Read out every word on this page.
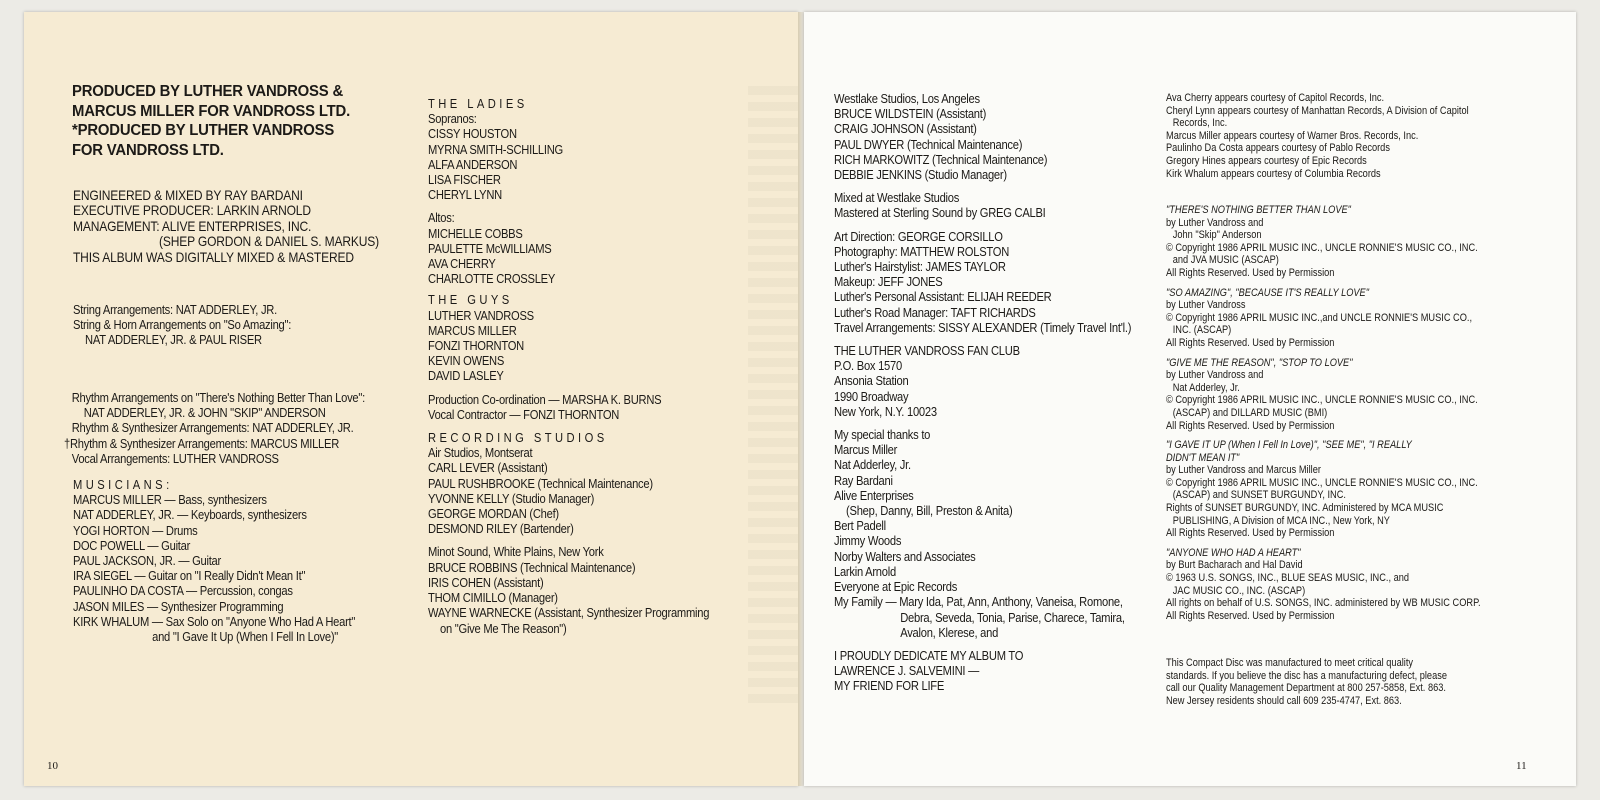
PRODUCED BY LUTHER VANDROSS &
MARCUS MILLER FOR VANDROSS LTD.
*PRODUCED BY LUTHER VANDROSS
FOR VANDROSS LTD.
ENGINEERED & MIXED BY RAY BARDANI
EXECUTIVE PRODUCER: LARKIN ARNOLD
MANAGEMENT: ALIVE ENTERPRISES, INC.
(SHEP GORDON & DANIEL S. MARKUS)
THIS ALBUM WAS DIGITALLY MIXED & MASTERED
String Arrangements: NAT ADDERLEY, JR.
String & Horn Arrangements on "So Amazing":
NAT ADDERLEY, JR. & PAUL RISER
Rhythm Arrangements on "There's Nothing Better Than Love":
NAT ADDERLEY, JR. & JOHN "SKIP" ANDERSON
Rhythm & Synthesizer Arrangements: NAT ADDERLEY, JR.
†Rhythm & Synthesizer Arrangements: MARCUS MILLER
Vocal Arrangements: LUTHER VANDROSS
MUSICIANS:
MARCUS MILLER — Bass, synthesizers
NAT ADDERLEY, JR. — Keyboards, synthesizers
YOGI HORTON — Drums
DOC POWELL — Guitar
PAUL JACKSON, JR. — Guitar
IRA SIEGEL — Guitar on "I Really Didn't Mean It"
PAULINHO DA COSTA — Percussion, congas
JASON MILES — Synthesizer Programming
KIRK WHALUM — Sax Solo on "Anyone Who Had A Heart"
and "I Gave It Up (When I Fell In Love)"
THE LADIES
Sopranos:
CISSY HOUSTON
MYRNA SMITH-SCHILLING
ALFA ANDERSON
LISA FISCHER
CHERYL LYNN
Altos:
MICHELLE COBBS
PAULETTE McWILLIAMS
AVA CHERRY
CHARLOTTE CROSSLEY
THE GUYS
LUTHER VANDROSS
MARCUS MILLER
FONZI THORNTON
KEVIN OWENS
DAVID LASLEY
Production Co-ordination — MARSHA K. BURNS
Vocal Contractor — FONZI THORNTON
RECORDING STUDIOS
Air Studios, Montserat
CARL LEVER (Assistant)
PAUL RUSHBROOKE (Technical Maintenance)
YVONNE KELLY (Studio Manager)
GEORGE MORDAN (Chef)
DESMOND RILEY (Bartender)
Minot Sound, White Plains, New York
BRUCE ROBBINS (Technical Maintenance)
IRIS COHEN (Assistant)
THOM CIMILLO (Manager)
WAYNE WARNECKE (Assistant, Synthesizer Programming
on "Give Me The Reason")
10
Westlake Studios, Los Angeles
BRUCE WILDSTEIN (Assistant)
CRAIG JOHNSON (Assistant)
PAUL DWYER (Technical Maintenance)
RICH MARKOWITZ (Technical Maintenance)
DEBBIE JENKINS (Studio Manager)
Mixed at Westlake Studios
Mastered at Sterling Sound by GREG CALBI
Art Direction: GEORGE CORSILLO
Photography: MATTHEW ROLSTON
Luther's Hairstylist: JAMES TAYLOR
Makeup: JEFF JONES
Luther's Personal Assistant: ELIJAH REEDER
Luther's Road Manager: TAFT RICHARDS
Travel Arrangements: SISSY ALEXANDER (Timely Travel Int'l.)
THE LUTHER VANDROSS FAN CLUB
P.O. Box 1570
Ansonia Station
1990 Broadway
New York, N.Y. 10023
My special thanks to
Marcus Miller
Nat Adderley, Jr.
Ray Bardani
Alive Enterprises
(Shep, Danny, Bill, Preston & Anita)
Bert Padell
Jimmy Woods
Norby Walters and Associates
Larkin Arnold
Everyone at Epic Records
My Family — Mary Ida, Pat, Ann, Anthony, Vaneisa, Romone,
Debra, Seveda, Tonia, Parise, Charece, Tamira,
Avalon, Klerese, and
I PROUDLY DEDICATE MY ALBUM TO
LAWRENCE J. SALVEMINI —
MY FRIEND FOR LIFE
Ava Cherry appears courtesy of Capitol Records, Inc.
Cheryl Lynn appears courtesy of Manhattan Records, A Division of Capitol
Records, Inc.
Marcus Miller appears courtesy of Warner Bros. Records, Inc.
Paulinho Da Costa appears courtesy of Pablo Records
Gregory Hines appears courtesy of Epic Records
Kirk Whalum appears courtesy of Columbia Records
"THERE'S NOTHING BETTER THAN LOVE"
by Luther Vandross and
John "Skip" Anderson
© Copyright 1986 APRIL MUSIC INC., UNCLE RONNIE'S MUSIC CO., INC.
and JVA MUSIC (ASCAP)
All Rights Reserved. Used by Permission
"SO AMAZING", "BECAUSE IT'S REALLY LOVE"
by Luther Vandross
© Copyright 1986 APRIL MUSIC INC.,and UNCLE RONNIE'S MUSIC CO.,
INC. (ASCAP)
All Rights Reserved. Used by Permission
"GIVE ME THE REASON", "STOP TO LOVE"
by Luther Vandross and
Nat Adderley, Jr.
© Copyright 1986 APRIL MUSIC INC., UNCLE RONNIE'S MUSIC CO., INC.
(ASCAP) and DILLARD MUSIC (BMI)
All Rights Reserved. Used by Permission
"I GAVE IT UP (When I Fell In Love)", "SEE ME", "I REALLY DIDN'T MEAN IT"
by Luther Vandross and Marcus Miller
© Copyright 1986 APRIL MUSIC INC., UNCLE RONNIE'S MUSIC CO., INC.
(ASCAP) and SUNSET BURGUNDY, INC.
Rights of SUNSET BURGUNDY, INC. Administered by MCA MUSIC
PUBLISHING, A Division of MCA INC., New York, NY
All Rights Reserved. Used by Permission
"ANYONE WHO HAD A HEART"
by Burt Bacharach and Hal David
© 1963 U.S. SONGS, INC., BLUE SEAS MUSIC, INC., and
JAC MUSIC CO., INC. (ASCAP)
All rights on behalf of U.S. SONGS, INC. administered by WB MUSIC CORP.
All Rights Reserved. Used by Permission
This Compact Disc was manufactured to meet critical quality
standards. If you believe the disc has a manufacturing defect, please
call our Quality Management Department at 800 257-5858, Ext. 863.
New Jersey residents should call 609 235-4747, Ext. 863.
11
